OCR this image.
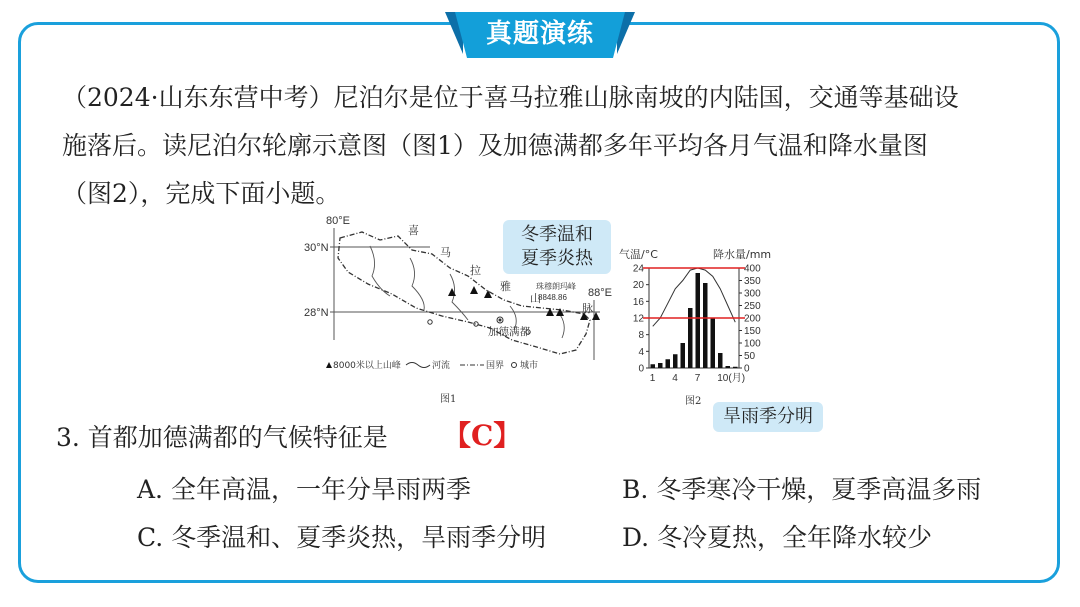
真题演练

（2024·山东东营中考）尼泊尔是位于喜马拉雅山脉南坡的内陆国，交通等基础设

施落后。读尼泊尔轮廓示意图（图1）及加德满都多年平均各月气温和降水量图

（图2），完成下面小题。

80°E
30°N
28°N
88°E
喜
马
拉
雅
山
脉
珠穆朗玛峰
8848.86
加德满都
8000米以上山峰	河流	国界 城市
图1
气温/°C	降水量/mm
图2
0
4
8
12
16
20
24
0
50
100
150
200
250
300
350
400
1 4 7 10(月)
冬季温和
夏季炎热
旱雨季分明
3. 首都加德满都的气候特征是 【C】
A. 全年高温，一年分旱雨两季	B. 冬季寒冷干燥，夏季高温多雨
C. 冬季温和、夏季炎热，旱雨季分明	D. 冬冷夏热，全年降水较少
